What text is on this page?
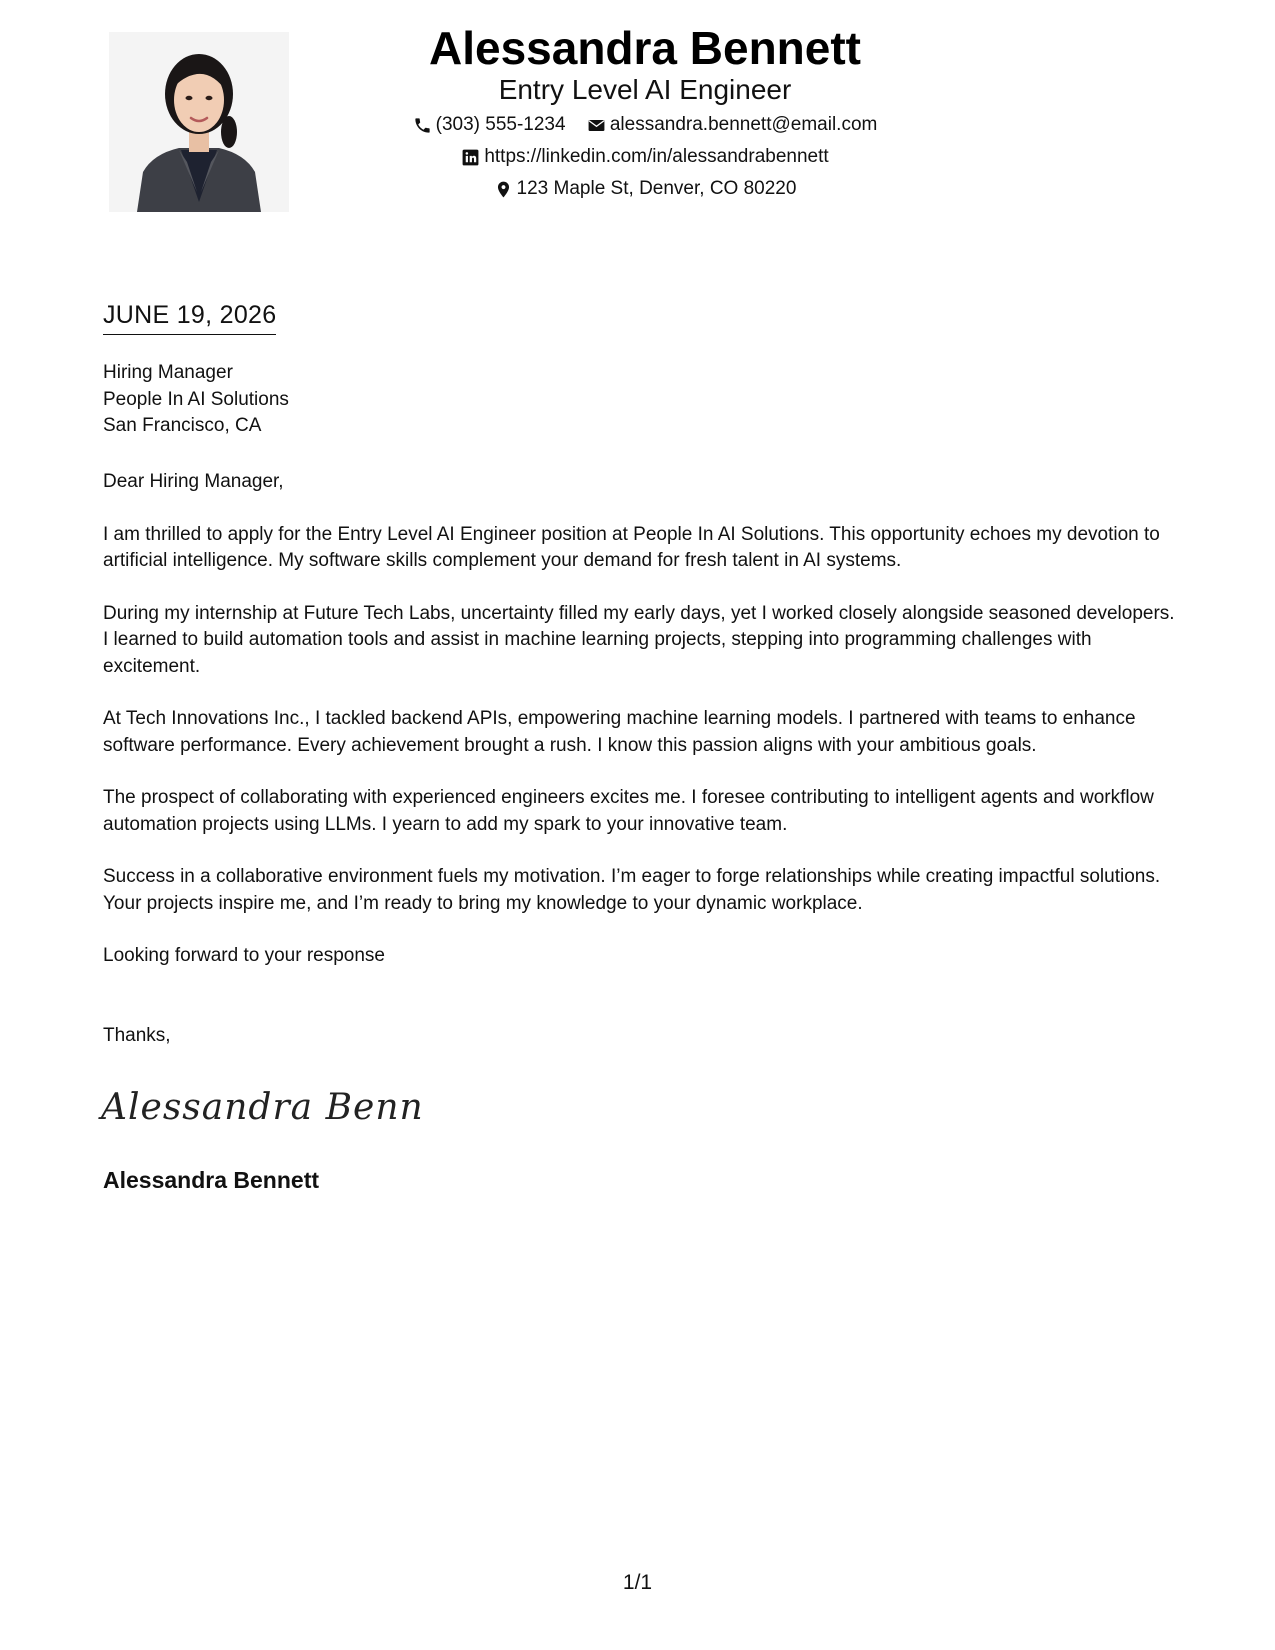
Alessandra Bennett
Entry Level AI Engineer
(303) 555-1234
alessandra.bennett@email.com
https://linkedin.com/in/alessandrabennett
123 Maple St, Denver, CO 80220
JUNE 19, 2026
Hiring Manager
People In AI Solutions
San Francisco, CA

Dear Hiring Manager,

I am thrilled to apply for the Entry Level AI Engineer position at People In AI Solutions. This opportunity echoes my devotion to artificial intelligence. My software skills complement your demand for fresh talent in AI systems.

During my internship at Future Tech Labs, uncertainty filled my early days, yet I worked closely alongside seasoned developers. I learned to build automation tools and assist in machine learning projects, stepping into programming challenges with excitement.

At Tech Innovations Inc., I tackled backend APIs, empowering machine learning models. I partnered with teams to enhance software performance. Every achievement brought a rush. I know this passion aligns with your ambitious goals.

The prospect of collaborating with experienced engineers excites me. I foresee contributing to intelligent agents and workflow automation projects using LLMs. I yearn to add my spark to your innovative team.

Success in a collaborative environment fuels my motivation. I’m eager to forge relationships while creating impactful solutions. Your projects inspire me, and I’m ready to bring my knowledge to your dynamic workplace.

Looking forward to your response

Thanks,
Alessandra Benn
Alessandra Bennett
1/1
